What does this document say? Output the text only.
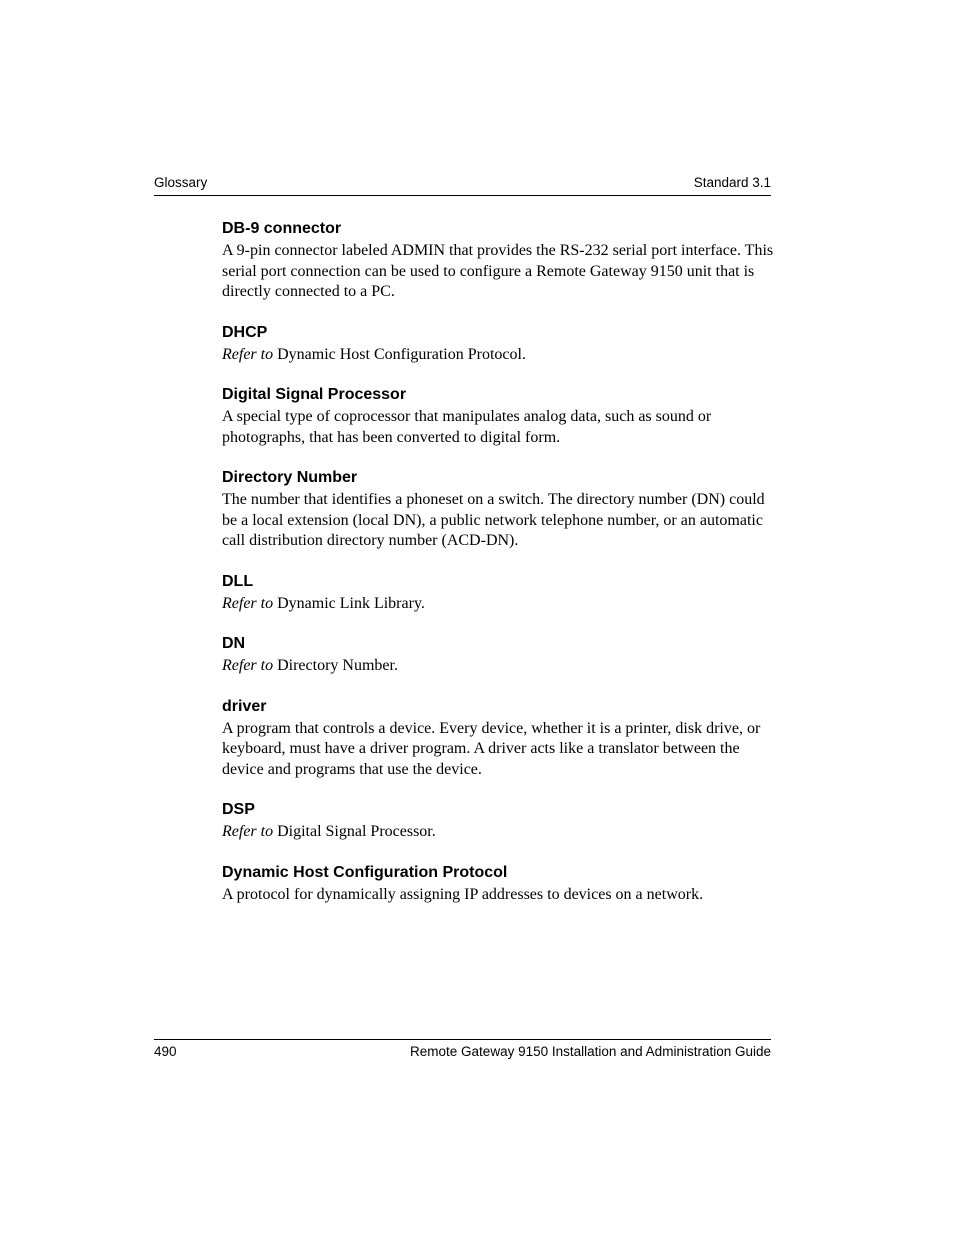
Glossary	Standard 3.1

DB-9 connector

A 9-pin connector labeled ADMIN that provides the RS-232 serial port interface. This serial port connection can be used to configure a Remote Gateway 9150 unit that is directly connected to a PC.

DHCP

Refer to Dynamic Host Configuration Protocol.

Digital Signal Processor

A special type of coprocessor that manipulates analog data, such as sound or photographs, that has been converted to digital form.

Directory Number

The number that identifies a phoneset on a switch. The directory number (DN) could be a local extension (local DN), a public network telephone number, or an automatic call distribution directory number (ACD-DN).

DLL

Refer to Dynamic Link Library.

DN

Refer to Directory Number.

driver

A program that controls a device. Every device, whether it is a printer, disk drive, or keyboard, must have a driver program. A driver acts like a translator between the device and programs that use the device.

DSP

Refer to Digital Signal Processor.

Dynamic Host Configuration Protocol

A protocol for dynamically assigning IP addresses to devices on a network.

490	Remote Gateway 9150 Installation and Administration Guide
